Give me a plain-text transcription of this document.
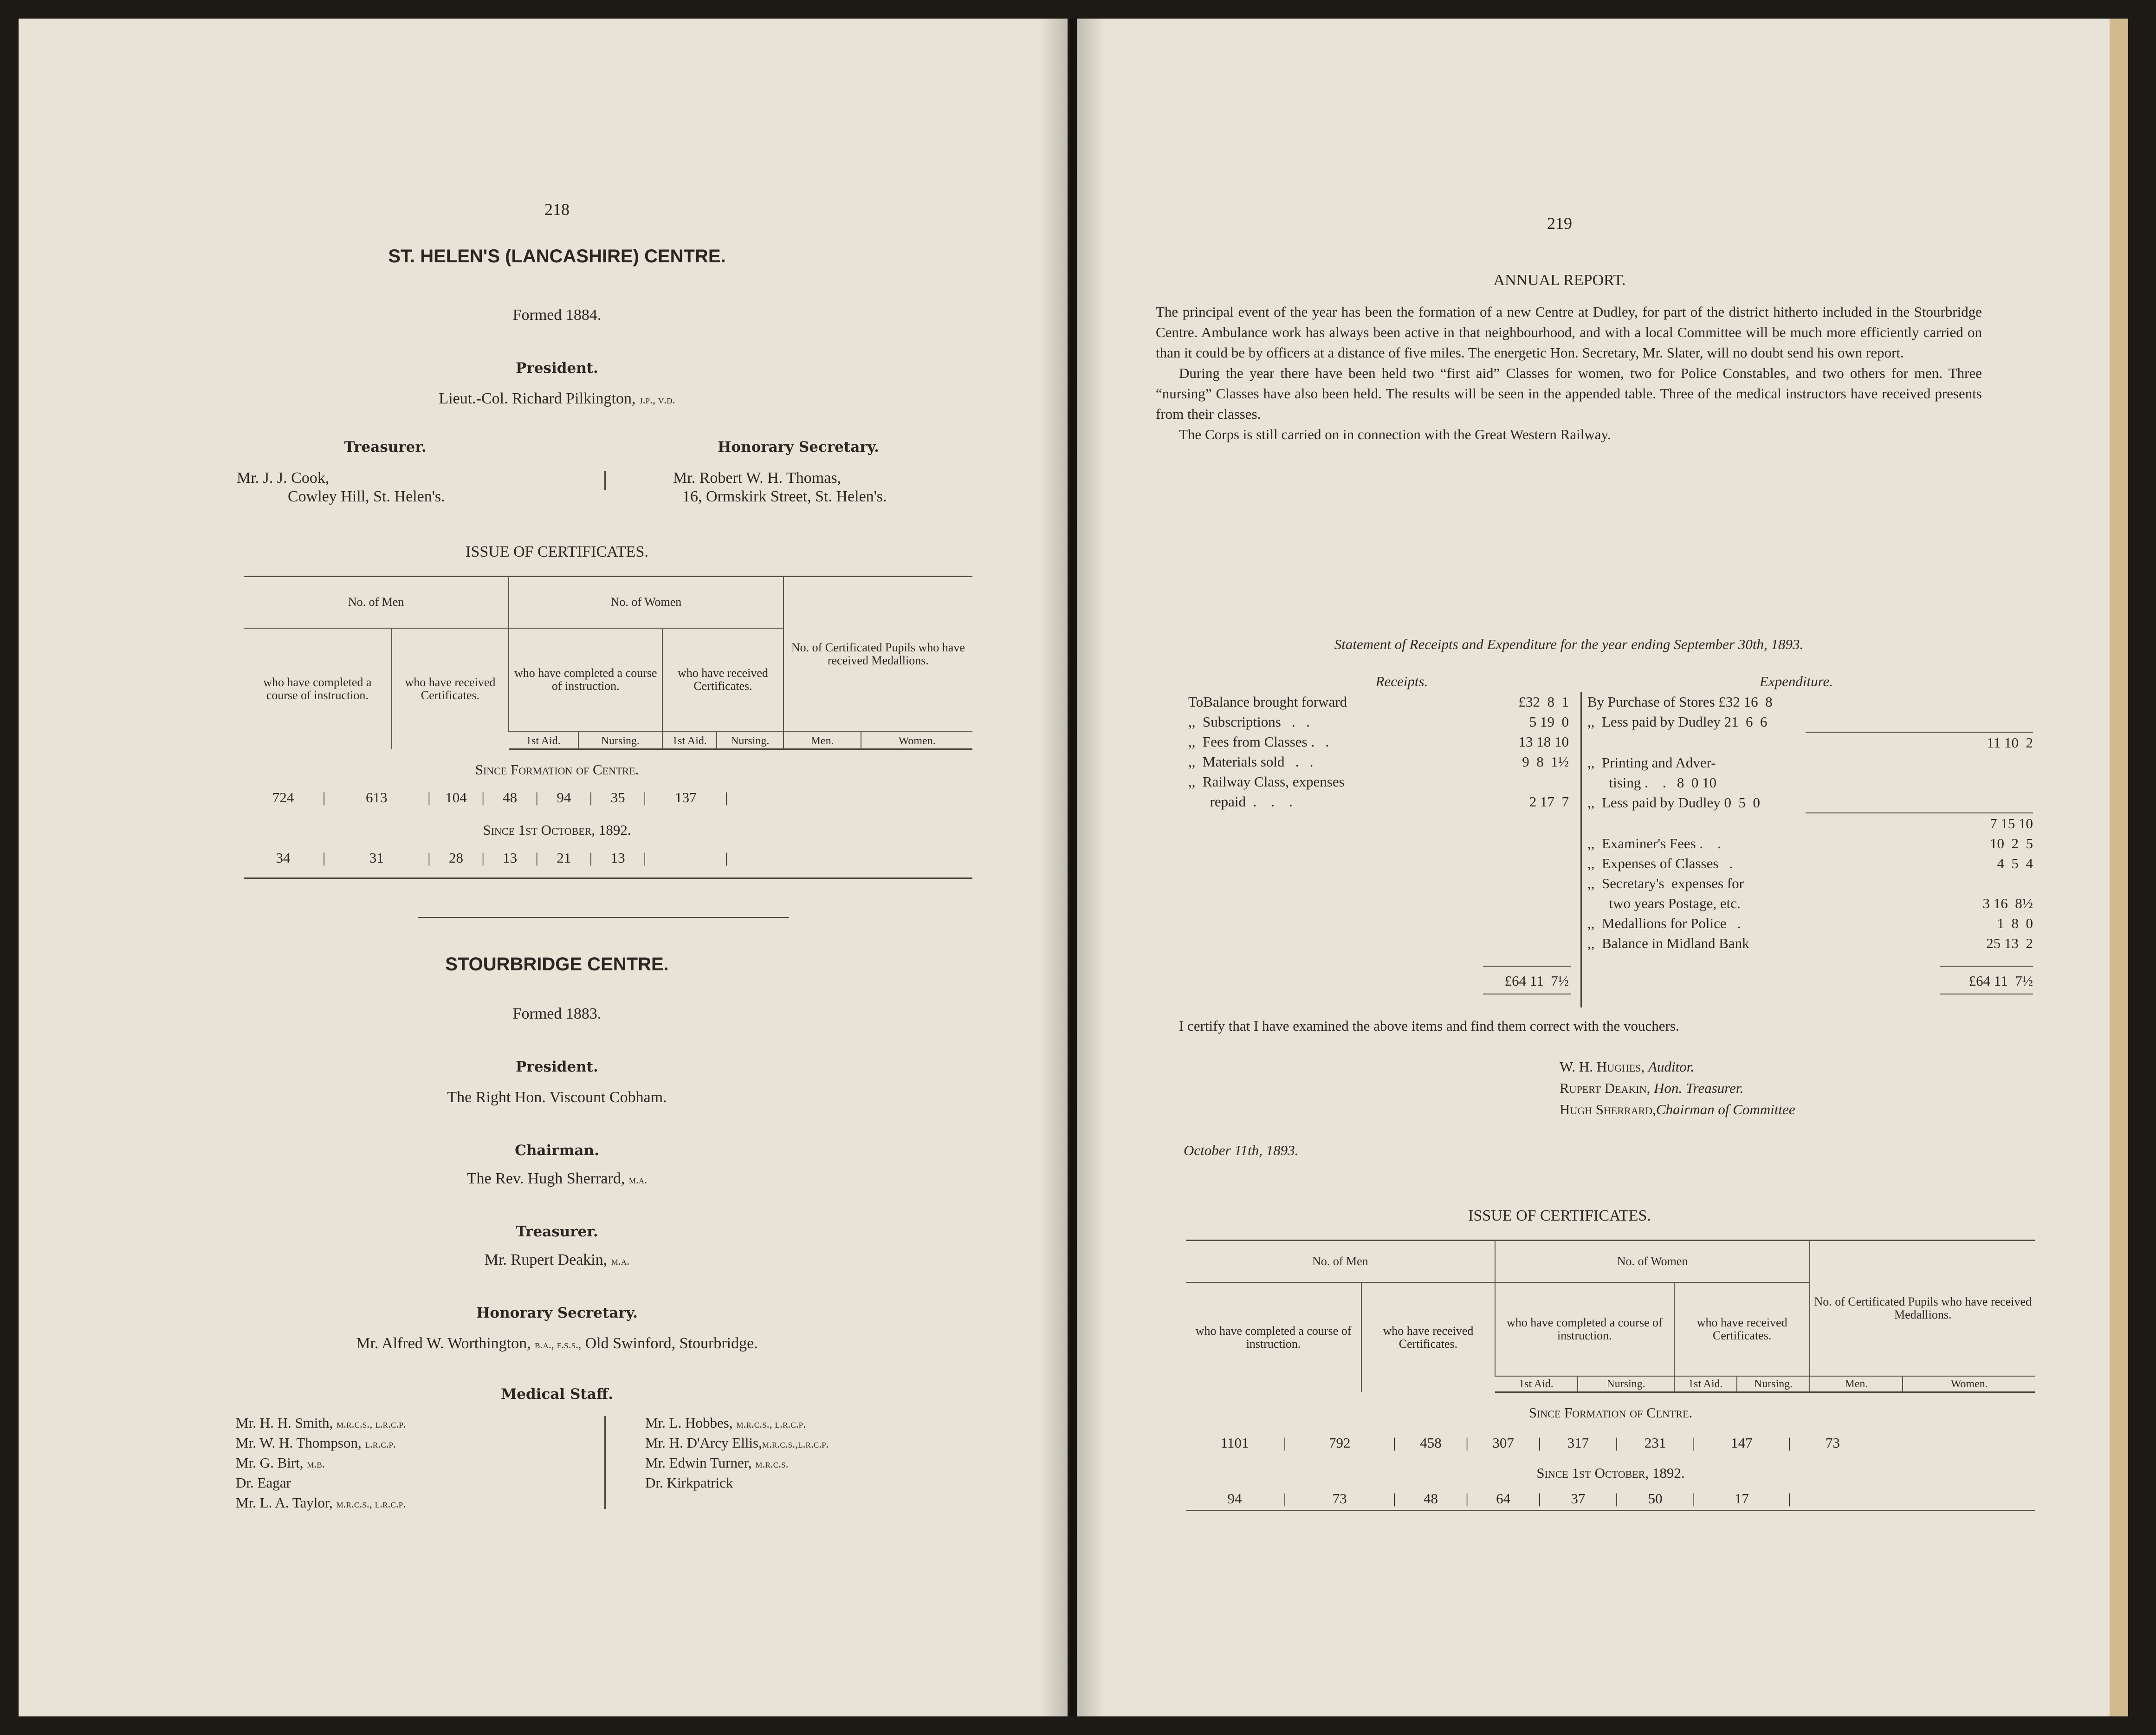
218
ST. HELEN'S (LANCASHIRE) CENTRE.
Formed 1884.
President.
Lieut.-Col. Richard Pilkington, j.p., v.d.
Treasurer.	Honorary Secretary.
Mr. J. J. Cook,
Cowley Hill, St. Helen's.
Mr. Robert W. H. Thomas,
16, Ormskirk Street, St. Helen's.
ISSUE OF CERTIFICATES.
No. of Men		No. of Women				No. of Certificated Pupils who have received Medallions.	
who have completed a course of instruction.	who have received Certificates.	who have completed a course of instruction.		who have received Certificates.			
		1st Aid.	Nursing.	1st Aid.	Nursing.	Men.	Women.
Since Formation of Centre.
724 |	613	| 104 | 48 | 94 | 35 | 137 |
Since 1st October, 1892.
34 |	31	| 28 | 13 | 21 | 13 |	|
STOURBRIDGE CENTRE.
Formed 1883.
President.
The Right Hon. Viscount Cobham.
Chairman.
The Rev. Hugh Sherrard, m.a.
Treasurer.
Mr. Rupert Deakin, m.a.
Honorary Secretary.
Mr. Alfred W. Worthington, b.a., f.s.s., Old Swinford, Stourbridge.
Medical Staff.
Mr. H. H. Smith, m.r.c.s., l.r.c.p.
Mr. W. H. Thompson, l.r.c.p.
Mr. G. Birt, m.b.
Dr. Eagar
Mr. L. A. Taylor, m.r.c.s., l.r.c.p.
Mr. L. Hobbes, m.r.c.s., l.r.c.p.
Mr. H. D'Arcy Ellis,m.r.c.s.,l.r.c.p.
Mr. Edwin Turner, m.r.c.s.
Dr. Kirkpatrick
219
ANNUAL REPORT.

The principal event of the year has been the formation of a new Centre at Dudley, for part of the district hitherto included in the Stourbridge Centre. Ambulance work has always been active in that neighbourhood, and with a local Committee will be much more efficiently carried on than it could be by officers at a distance of five miles. The energetic Hon. Secretary, Mr. Slater, will no doubt send his own report.

During the year there have been held two “first aid” Classes for women, two for Police Constables, and two others for men. Three “nursing” Classes have also been held. The results will be seen in the appended table. Three of the medical instructors have received presents from their classes.

The Corps is still carried on in connection with the Great Western Railway.

Statement of Receipts and Expenditure for the year ending September 30th, 1893.
Receipts.
ToBalance brought forward	£32  8  1
,,  Subscriptions   .   .	5 19  0
,,  Fees from Classes .   .	13 18 10
,,  Materials sold   .   .	9  8  1½
,,  Railway Class, expenses
repaid  .    .    .	2 17  7
£64 11  7½
Expenditure.
By Purchase of Stores £32 16  8
,,  Less paid by Dudley 21  6  6
11 10  2
,,  Printing and Adver-
tising .    .   8  0 10
,,  Less paid by Dudley 0  5  0
7 15 10
,,  Examiner's Fees .    .	10  2  5
,,  Expenses of Classes   .	4  5  4
,,  Secretary's  expenses for
two years Postage, etc.	3 16  8½
,,  Medallions for Police   .	1  8  0
,,  Balance in Midland Bank	25 13  2
£64 11  7½
I certify that I have examined the above items and find them correct with the vouchers.
W. H. Hughes, Auditor.
Rupert Deakin, Hon. Treasurer.
Hugh Sherrard,Chairman of Committee
October 11th, 1893.
ISSUE OF CERTIFICATES.
No. of Men		No. of Women				No. of Certificated Pupils who have received Medallions.	
who have completed a course of instruction.	who have received Certificates.	who have completed a course of instruction.		who have received Certificates.			
		1st Aid.	Nursing.	1st Aid.	Nursing.	Men.	Women.
Since Formation of Centre.
1101 |	792	| 458 | 307 | 317 | 231 | 147 | 73
Since 1st October, 1892.
94	|	73	| 48 | 64 | 37 | 50 |	17	|
